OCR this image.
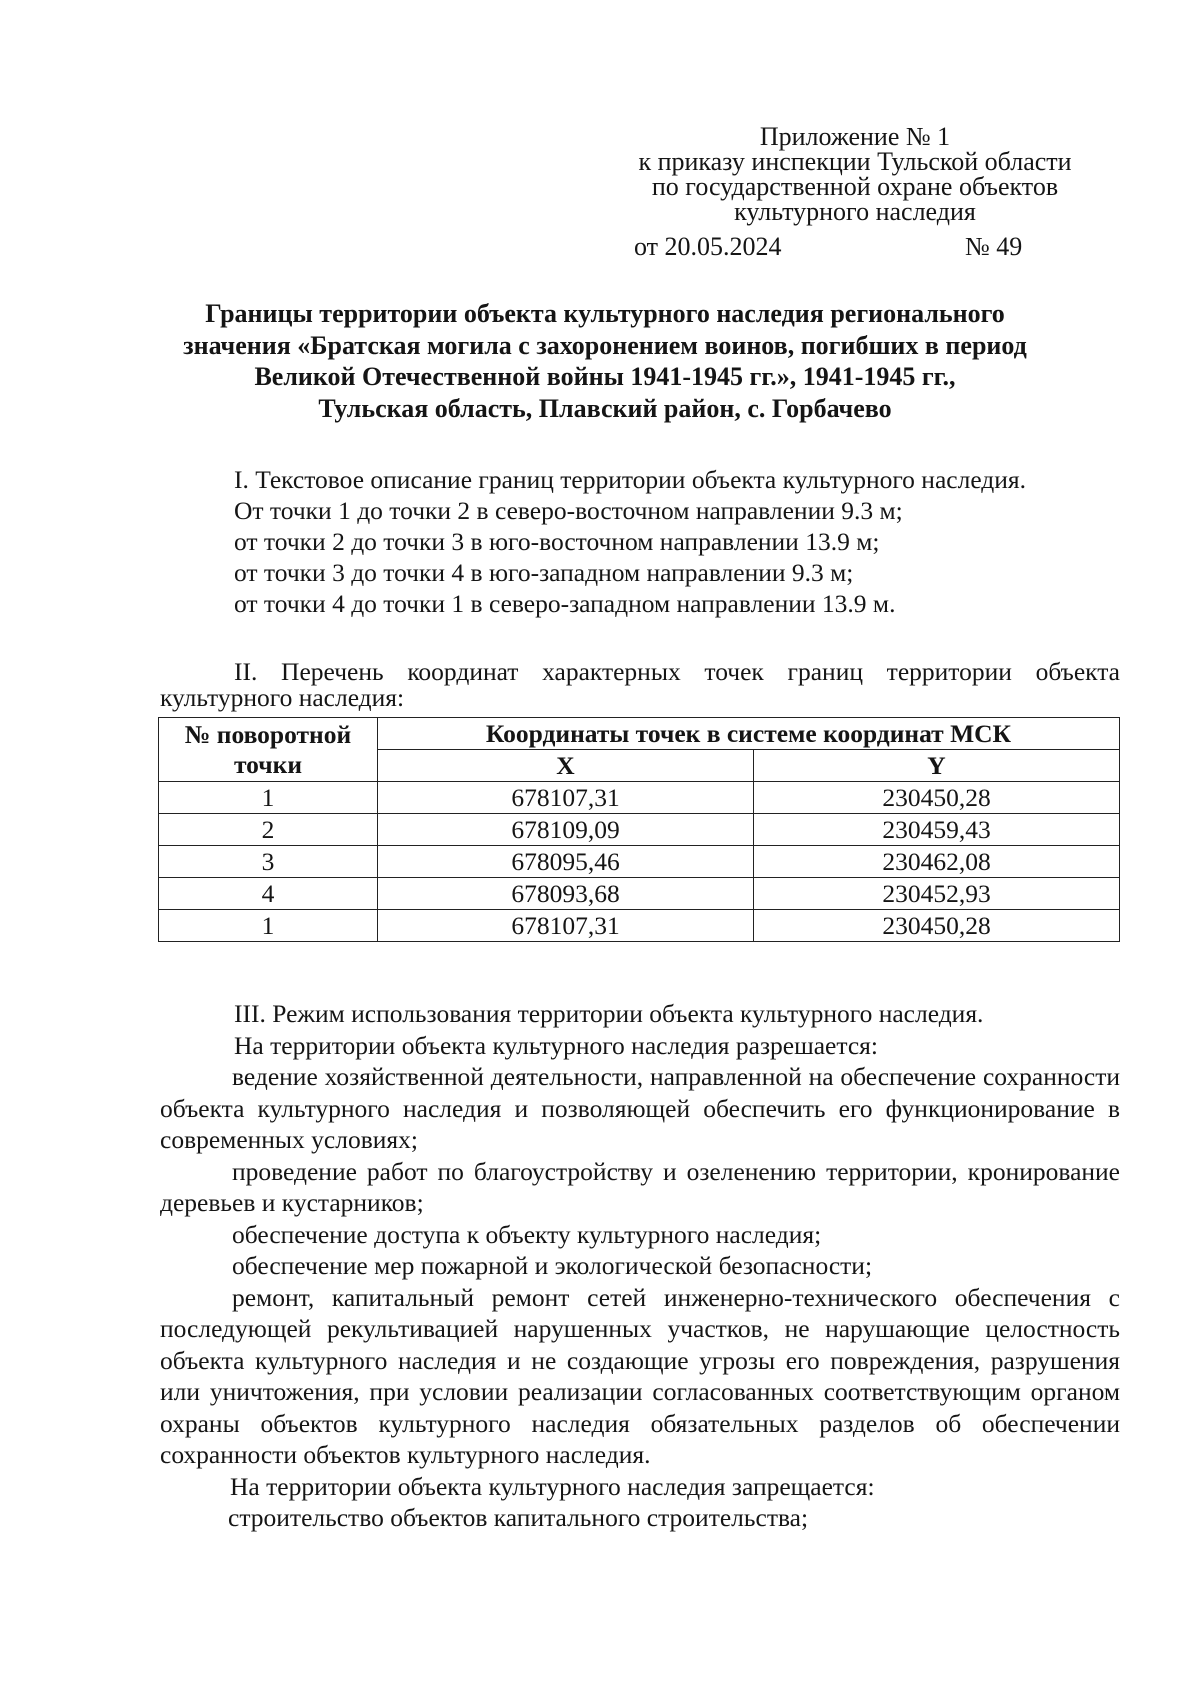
Приложение № 1
к приказу инспекции Тульской области
по государственной охране объектов
культурного наследия
от 20.05.2024	№ 49
Границы территории объекта культурного наследия регионального
значения «Братская могила с захоронением воинов, погибших в период
Великой Отечественной войны 1941-1945 гг.», 1941-1945 гг.,
Тульская область, Плавский район, с. Горбачево
I. Текстовое описание границ территории объекта культурного наследия.
От точки 1 до точки 2 в северо-восточном направлении 9.3 м;
от точки 2 до точки 3 в юго-восточном направлении 13.9 м;
от точки 3 до точки 4 в юго-западном направлении 9.3 м;
от точки 4 до точки 1 в северо-западном направлении 13.9 м.
II. Перечень координат характерных точек границ территории объекта
культурного наследия:
№ поворотной
точки	Координаты точек в системе координат МСК	
	X	Y
1	678107,31	230450,28
2	678109,09	230459,43
3	678095,46	230462,08
4	678093,68	230452,93
1	678107,31	230450,28

III. Режим использования территории объекта культурного наследия.

На территории объекта культурного наследия разрешается:

ведение хозяйственной деятельности, направленной на обеспечение сохранности объекта культурного наследия и позволяющей обеспечить его функционирование в современных условиях;

проведение работ по благоустройству и озеленению территории, кронирование деревьев и кустарников;

обеспечение доступа к объекту культурного наследия;

обеспечение мер пожарной и экологической безопасности;

ремонт, капитальный ремонт сетей инженерно-технического обеспечения с последующей рекультивацией нарушенных участков, не нарушающие целостность объекта культурного наследия и не создающие угрозы его повреждения, разрушения или уничтожения, при условии реализации согласованных соответствующим органом охраны объектов культурного наследия обязательных разделов об обеспечении сохранности объектов культурного наследия.

На территории объекта культурного наследия запрещается:

строительство объектов капитального строительства;
